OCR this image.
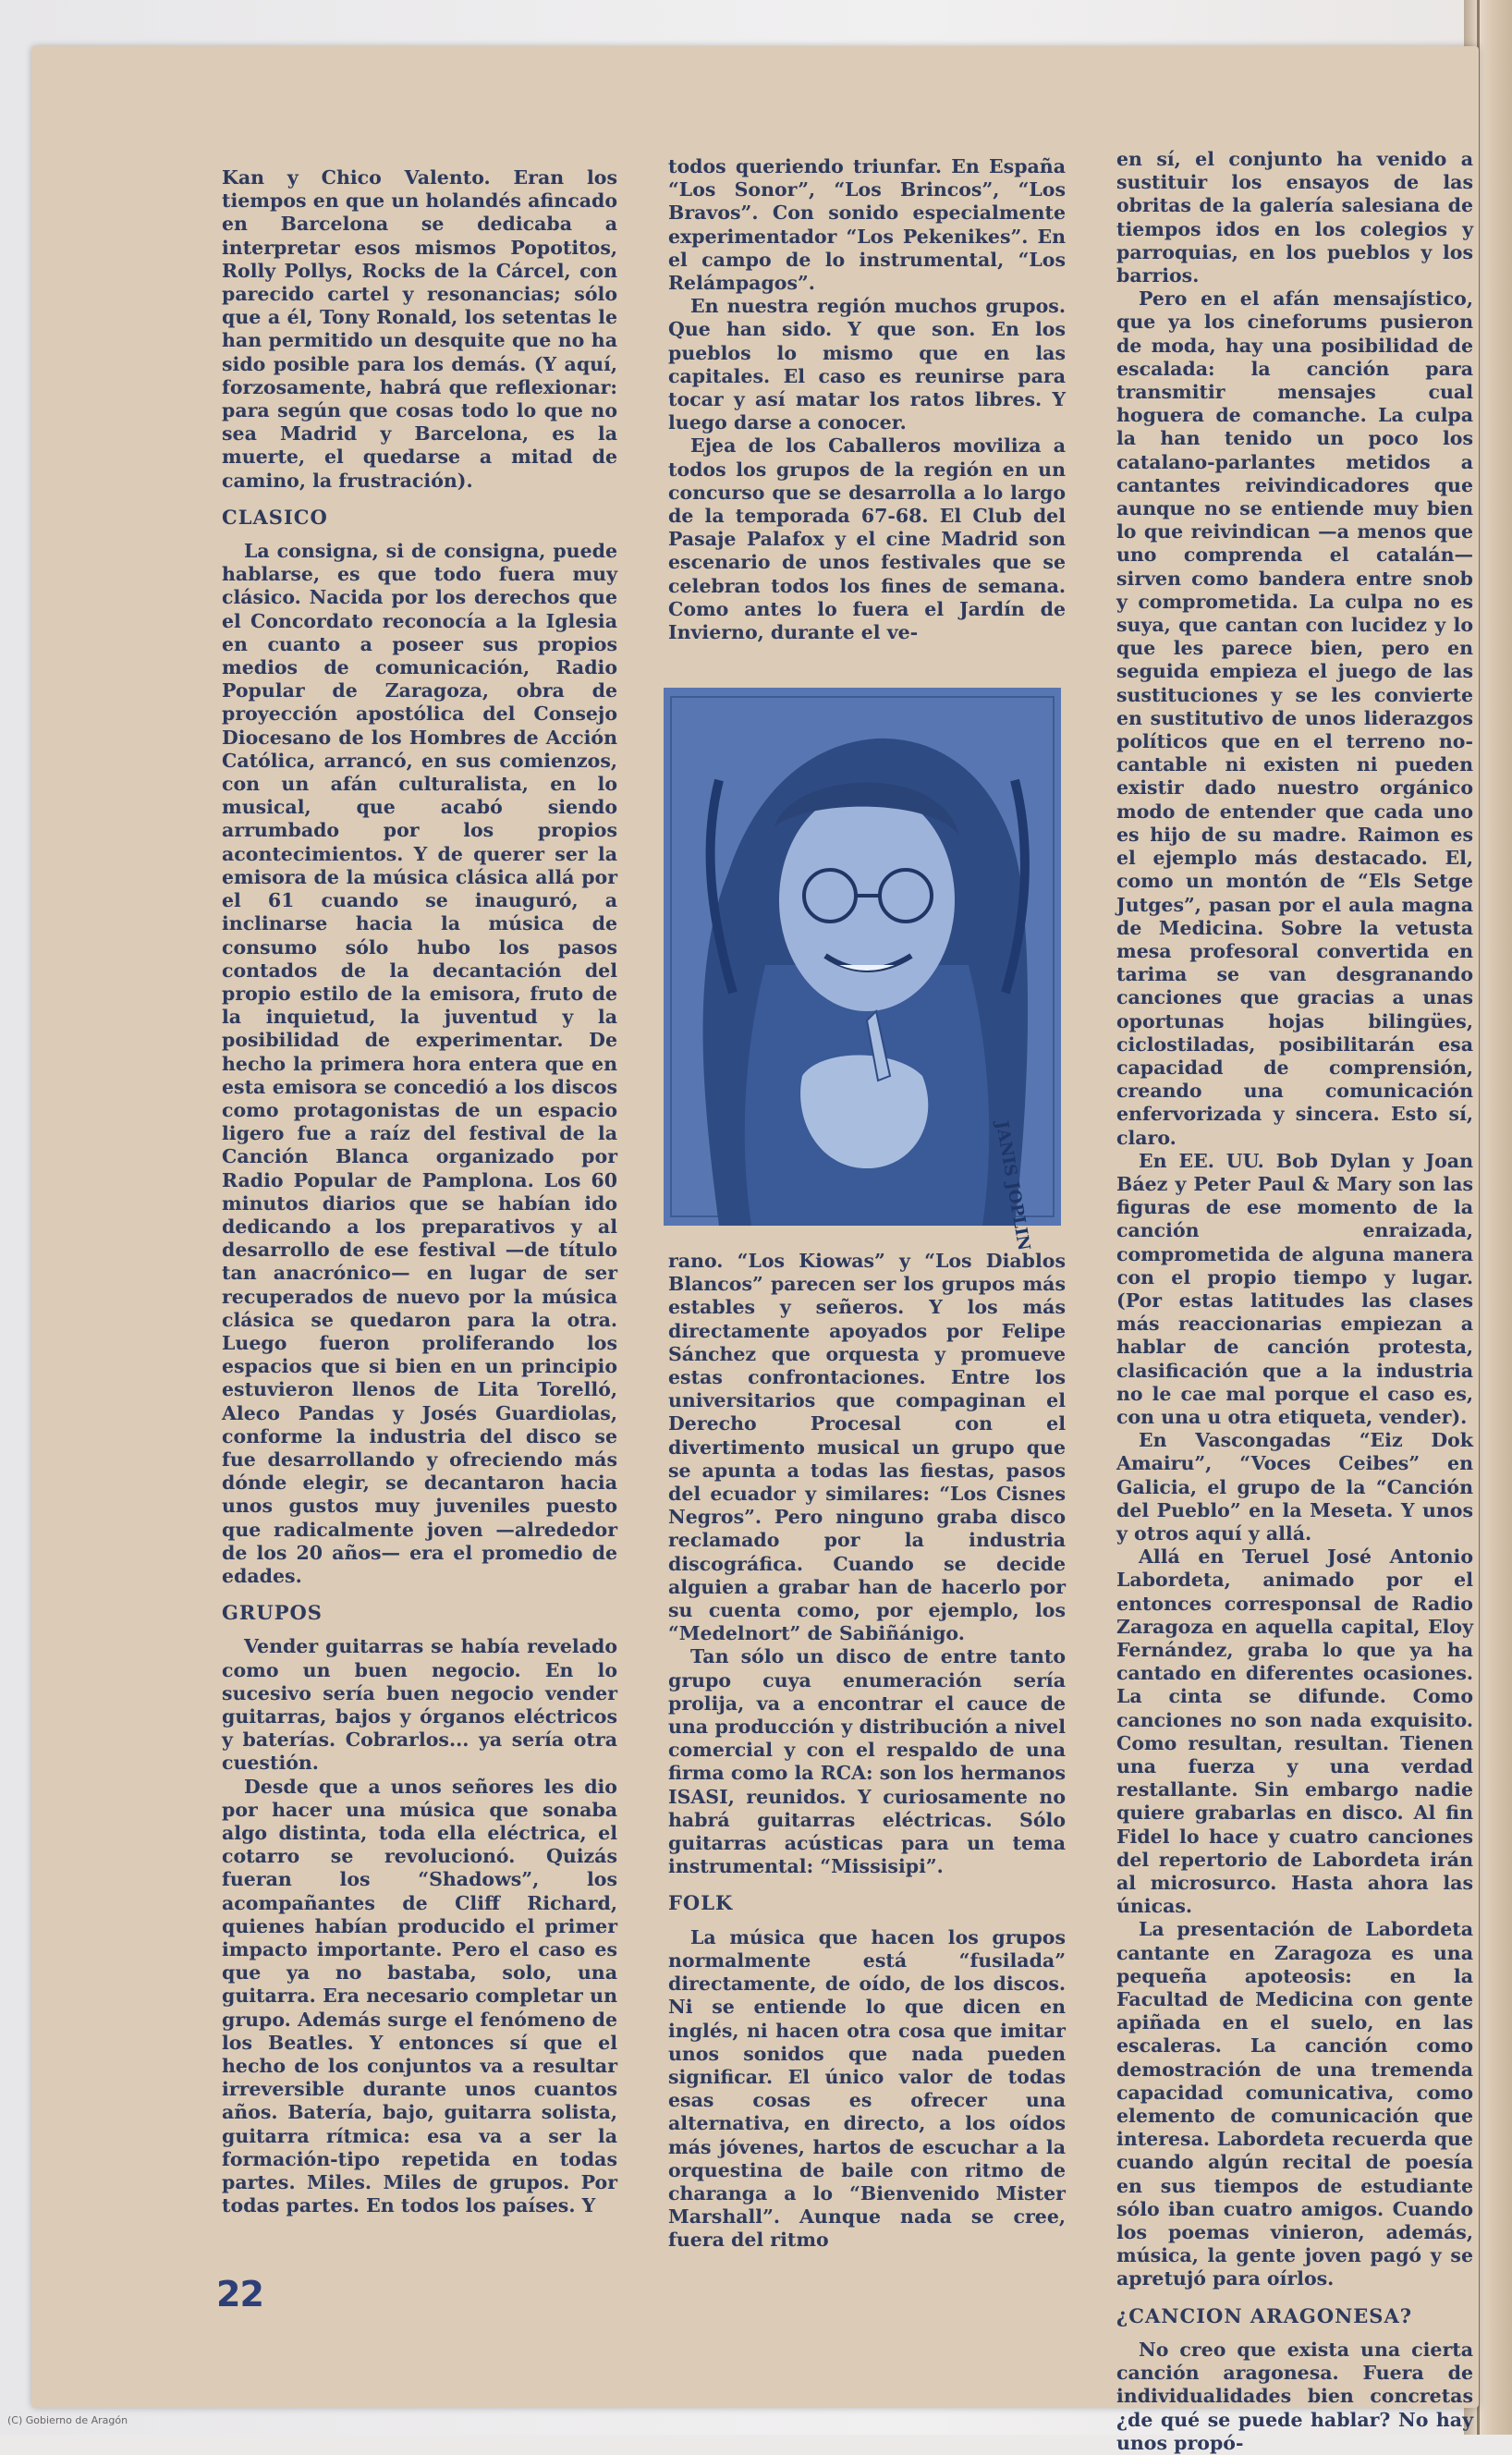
Kan y Chico Valento. Eran los tiempos en que un holandés afincado en Barcelona se dedicaba a interpretar esos mismos Popotitos, Rolly Pollys, Rocks de la Cárcel, con parecido cartel y resonancias; sólo que a él, Tony Ronald, los setentas le han permitido un desquite que no ha sido posible para los demás. (Y aquí, forzosamente, habrá que reflexionar: para según que cosas todo lo que no sea Madrid y Barcelona, es la muerte, el quedarse a mitad de camino, la frustración).

CLASICO

La consigna, si de consigna, puede hablarse, es que todo fuera muy clásico. Nacida por los derechos que el Concordato reconocía a la Iglesia en cuanto a poseer sus propios medios de comunicación, Radio Popular de Zaragoza, obra de proyección apostólica del Consejo Diocesano de los Hombres de Acción Católica, arrancó, en sus comienzos, con un afán culturalista, en lo musical, que acabó siendo arrumbado por los propios acontecimientos. Y de querer ser la emisora de la música clásica allá por el 61 cuando se inauguró, a inclinarse hacia la música de consumo sólo hubo los pasos contados de la decantación del propio estilo de la emisora, fruto de la inquietud, la juventud y la posibilidad de experimentar. De hecho la primera hora entera que en esta emisora se concedió a los discos como protagonistas de un espacio ligero fue a raíz del festival de la Canción Blanca organizado por Radio Popular de Pamplona. Los 60 minutos diarios que se habían ido dedicando a los preparativos y al desarrollo de ese festival —de título tan anacrónico— en lugar de ser recuperados de nuevo por la música clásica se quedaron para la otra. Luego fueron proliferando los espacios que si bien en un principio estuvieron llenos de Lita Torelló, Aleco Pandas y Josés Guardiolas, conforme la industria del disco se fue desarrollando y ofreciendo más dónde elegir, se decantaron hacia unos gustos muy juveniles puesto que radicalmente joven —alrededor de los 20 años— era el promedio de edades.

GRUPOS

Vender guitarras se había revelado como un buen negocio. En lo sucesivo sería buen negocio vender guitarras, bajos y órganos eléctricos y baterías. Cobrarlos... ya sería otra cuestión.

Desde que a unos señores les dio por hacer una música que sonaba algo distinta, toda ella eléctrica, el cotarro se revolucionó. Quizás fueran los “Shadows”, los acompañantes de Cliff Richard, quienes habían producido el primer impacto importante. Pero el caso es que ya no bastaba, solo, una guitarra. Era necesario completar un grupo. Además surge el fenómeno de los Beatles. Y entonces sí que el hecho de los conjuntos va a resultar irreversible durante unos cuantos años. Batería, bajo, guitarra solista, guitarra rítmica: esa va a ser la formación-tipo repetida en todas partes. Miles. Miles de grupos. Por todas partes. En todos los países. Y

todos queriendo triunfar. En España “Los Sonor”, “Los Brincos”, “Los Bravos”. Con sonido especialmente experimentador “Los Pekenikes”. En el campo de lo instrumental, “Los Relámpagos”.

En nuestra región muchos grupos. Que han sido. Y que son. En los pueblos lo mismo que en las capitales. El caso es reunirse para tocar y así matar los ratos libres. Y luego darse a conocer.

Ejea de los Caballeros moviliza a todos los grupos de la región en un concurso que se desarrolla a lo largo de la temporada 67-68. El Club del Pasaje Palafox y el cine Madrid son escenario de unos festivales que se celebran todos los fines de semana. Como antes lo fuera el Jardín de Invierno, durante el ve-

JANIS JOPLIN

rano. “Los Kiowas” y “Los Diablos Blancos” parecen ser los grupos más estables y señeros. Y los más directamente apoyados por Felipe Sánchez que orquesta y promueve estas confrontaciones. Entre los universitarios que compaginan el Derecho Procesal con el divertimento musical un grupo que se apunta a todas las fiestas, pasos del ecuador y similares: “Los Cisnes Negros”. Pero ninguno graba disco reclamado por la industria discográfica. Cuando se decide alguien a grabar han de hacerlo por su cuenta como, por ejemplo, los “Medelnort” de Sabiñánigo.

Tan sólo un disco de entre tanto grupo cuya enumeración sería prolija, va a encontrar el cauce de una producción y distribución a nivel comercial y con el respaldo de una firma como la RCA: son los hermanos ISASI, reunidos. Y curiosamente no habrá guitarras eléctricas. Sólo guitarras acústicas para un tema instrumental: “Missisipi”.

FOLK

La música que hacen los grupos normalmente está “fusilada” directamente, de oído, de los discos. Ni se entiende lo que dicen en inglés, ni hacen otra cosa que imitar unos sonidos que nada pueden significar. El único valor de todas esas cosas es ofrecer una alternativa, en directo, a los oídos más jóvenes, hartos de escuchar a la orquestina de baile con ritmo de charanga a lo “Bienvenido Mister Marshall”. Aunque nada se cree, fuera del ritmo

en sí, el conjunto ha venido a sustituir los ensayos de las obritas de la galería salesiana de tiempos idos en los colegios y parroquias, en los pueblos y los barrios.

Pero en el afán mensajístico, que ya los cineforums pusieron de moda, hay una posibilidad de escalada: la canción para transmitir mensajes cual hoguera de comanche. La culpa la han tenido un poco los catalano-parlantes metidos a cantantes reivindicadores que aunque no se entiende muy bien lo que reivindican —a menos que uno comprenda el catalán— sirven como bandera entre snob y comprometida. La culpa no es suya, que cantan con lucidez y lo que les parece bien, pero en seguida empieza el juego de las sustituciones y se les convierte en sustitutivo de unos liderazgos políticos que en el terreno no-cantable ni existen ni pueden existir dado nuestro orgánico modo de entender que cada uno es hijo de su madre. Raimon es el ejemplo más destacado. El, como un montón de “Els Setge Jutges”, pasan por el aula magna de Medicina. Sobre la vetusta mesa profesoral convertida en tarima se van desgranando canciones que gracias a unas oportunas hojas bilingües, ciclostiladas, posibilitarán esa capacidad de comprensión, creando una comunicación enfervorizada y sincera. Esto sí, claro.

En EE. UU. Bob Dylan y Joan Báez y Peter Paul & Mary son las figuras de ese momento de la canción enraizada, comprometida de alguna manera con el propio tiempo y lugar. (Por estas latitudes las clases más reaccionarias empiezan a hablar de canción protesta, clasificación que a la industria no le cae mal porque el caso es, con una u otra etiqueta, vender).

En Vascongadas “Eiz Dok Amairu”, “Voces Ceibes” en Galicia, el grupo de la “Canción del Pueblo” en la Meseta. Y unos y otros aquí y allá.

Allá en Teruel José Antonio Labordeta, animado por el entonces corresponsal de Radio Zaragoza en aquella capital, Eloy Fernández, graba lo que ya ha cantado en diferentes ocasiones. La cinta se difunde. Como canciones no son nada exquisito. Como resultan, resultan. Tienen una fuerza y una verdad restallante. Sin embargo nadie quiere grabarlas en disco. Al fin Fidel lo hace y cuatro canciones del repertorio de Labordeta irán al microsurco. Hasta ahora las únicas.

La presentación de Labordeta cantante en Zaragoza es una pequeña apoteosis: en la Facultad de Medicina con gente apiñada en el suelo, en las escaleras. La canción como demostración de una tremenda capacidad comunicativa, como elemento de comunicación que interesa. Labordeta recuerda que cuando algún recital de poesía en sus tiempos de estudiante sólo iban cuatro amigos. Cuando los poemas vinieron, además, música, la gente joven pagó y se apretujó para oírlos.

¿CANCION ARAGONESA?

No creo que exista una cierta canción aragonesa. Fuera de individualidades bien concretas ¿de qué se puede hablar? No hay unos propó-

22
(C) Gobierno de Aragón
